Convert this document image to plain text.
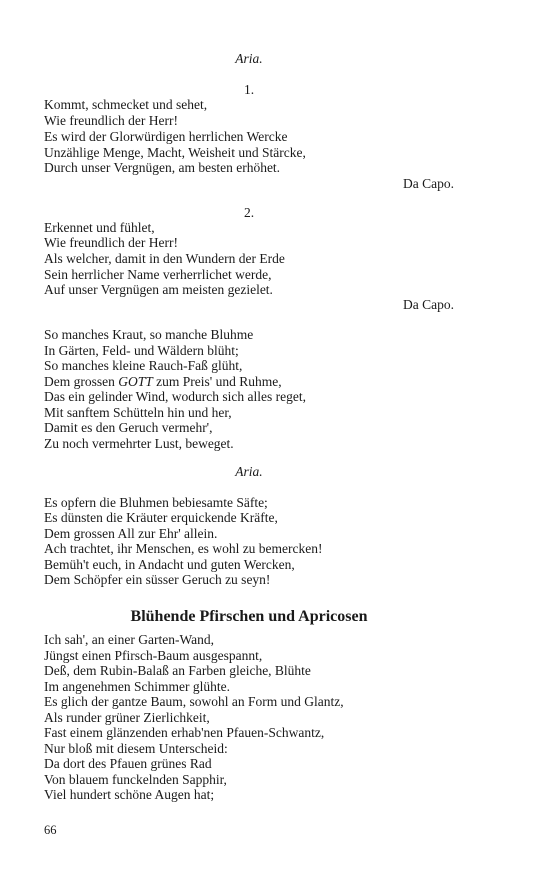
Aria.
1.
Kommt, schmecket und sehet,
Wie freundlich der Herr!
Es wird der Glorwürdigen herrlichen Wercke
Unzählige Menge, Macht, Weisheit und Stärcke,
Durch unser Vergnügen, am besten erhöhet.
Da Capo.
2.
Erkennet und fühlet,
Wie freundlich der Herr!
Als welcher, damit in den Wundern der Erde
Sein herrlicher Name verherrlichet werde,
Auf unser Vergnügen am meisten gezielet.
Da Capo.
So manches Kraut, so manche Bluhme
In Gärten, Feld- und Wäldern blüht;
So manches kleine Rauch-Faß glüht,
Dem grossen GOTT zum Preis' und Ruhme,
Das ein gelinder Wind, wodurch sich alles reget,
Mit sanftem Schütteln hin und her,
Damit es den Geruch vermehr',
Zu noch vermehrter Lust, beweget.
Aria.
Es opfern die Bluhmen bebiesamte Säfte;
Es dünsten die Kräuter erquickende Kräfte,
Dem grossen All zur Ehr' allein.
Ach trachtet, ihr Menschen, es wohl zu bemercken!
Bemüh't euch, in Andacht und guten Wercken,
Dem Schöpfer ein süsser Geruch zu seyn!
Blühende Pfirschen und Apricosen
Ich sah', an einer Garten-Wand,
Jüngst einen Pfirsch-Baum ausgespannt,
Deß, dem Rubin-Balaß an Farben gleiche, Blühte
Im angenehmen Schimmer glühte.
Es glich der gantze Baum, sowohl an Form und Glantz,
Als runder grüner Zierlichkeit,
Fast einem glänzenden erhab'nen Pfauen-Schwantz,
Nur bloß mit diesem Unterscheid:
Da dort des Pfauen grünes Rad
Von blauem funckelnden Sapphir,
Viel hundert schöne Augen hat;
66
